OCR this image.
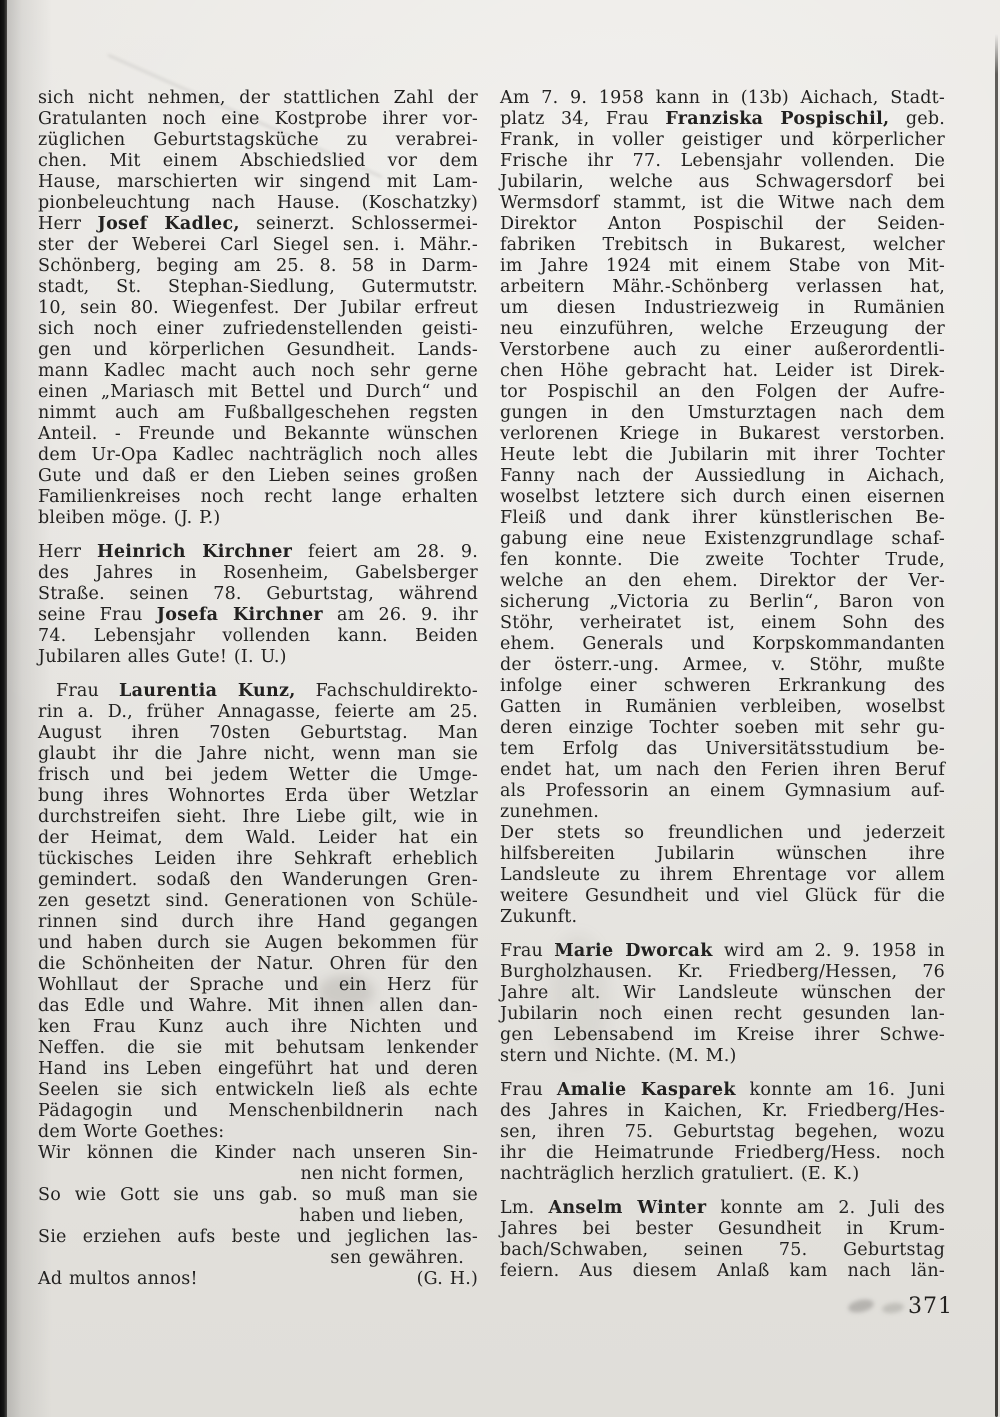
sich nicht nehmen, der stattlichen Zahl der
Gratulanten noch eine Kostprobe ihrer vor-
züglichen Geburtstagsküche zu verabrei-
chen. Mit einem Abschiedslied vor dem
Hause, marschierten wir singend mit Lam-
pionbeleuchtung nach Hause. (Koschatzky)
Herr Josef Kadlec, seinerzt. Schlossermei-
ster der Weberei Carl Siegel sen. i. Mähr.-
Schönberg, beging am 25. 8. 58 in Darm-
stadt, St. Stephan-Siedlung, Gutermutstr.
10, sein 80. Wiegenfest. Der Jubilar erfreut
sich noch einer zufriedenstellenden geisti-
gen und körperlichen Gesundheit. Lands-
mann Kadlec macht auch noch sehr gerne
einen „Mariasch mit Bettel und Durch“ und
nimmt auch am Fußballgeschehen regsten
Anteil. - Freunde und Bekannte wünschen
dem Ur-Opa Kadlec nachträglich noch alles
Gute und daß er den Lieben seines großen
Familienkreises noch recht lange erhalten
bleiben möge. (J. P.)
Herr Heinrich Kirchner feiert am 28. 9.
des Jahres in Rosenheim, Gabelsberger
Straße. seinen 78. Geburtstag, während
seine Frau Josefa Kirchner am 26. 9. ihr
74. Lebensjahr vollenden kann. Beiden
Jubilaren alles Gute! (I. U.)
Frau Laurentia Kunz, Fachschuldirekto-
rin a. D., früher Annagasse, feierte am 25.
August ihren 70sten Geburtstag. Man
glaubt ihr die Jahre nicht, wenn man sie
frisch und bei jedem Wetter die Umge-
bung ihres Wohnortes Erda über Wetzlar
durchstreifen sieht. Ihre Liebe gilt, wie in
der Heimat, dem Wald. Leider hat ein
tückisches Leiden ihre Sehkraft erheblich
gemindert. sodaß den Wanderungen Gren-
zen gesetzt sind. Generationen von Schüle-
rinnen sind durch ihre Hand gegangen
und haben durch sie Augen bekommen für
die Schönheiten der Natur. Ohren für den
Wohllaut der Sprache und ein Herz für
das Edle und Wahre. Mit ihnen allen dan-
ken Frau Kunz auch ihre Nichten und
Neffen. die sie mit behutsam lenkender
Hand ins Leben eingeführt hat und deren
Seelen sie sich entwickeln ließ als echte
Pädagogin und Menschenbildnerin nach
dem Worte Goethes:
Wir können die Kinder nach unseren Sin-
nen nicht formen,
So wie Gott sie uns gab. so muß man sie
haben und lieben,
Sie erziehen aufs beste und jeglichen las-
sen gewähren.
Ad multos annos!	(G. H.)
Am 7. 9. 1958 kann in (13b) Aichach, Stadt-
platz 34, Frau Franziska Pospischil, geb.
Frank, in voller geistiger und körperlicher
Frische ihr 77. Lebensjahr vollenden. Die
Jubilarin, welche aus Schwagersdorf bei
Wermsdorf stammt, ist die Witwe nach dem
Direktor Anton Pospischil der Seiden-
fabriken Trebitsch in Bukarest, welcher
im Jahre 1924 mit einem Stabe von Mit-
arbeitern Mähr.-Schönberg verlassen hat,
um diesen Industriezweig in Rumänien
neu einzuführen, welche Erzeugung der
Verstorbene auch zu einer außerordentli-
chen Höhe gebracht hat. Leider ist Direk-
tor Pospischil an den Folgen der Aufre-
gungen in den Umsturztagen nach dem
verlorenen Kriege in Bukarest verstorben.
Heute lebt die Jubilarin mit ihrer Tochter
Fanny nach der Aussiedlung in Aichach,
woselbst letztere sich durch einen eisernen
Fleiß und dank ihrer künstlerischen Be-
gabung eine neue Existenzgrundlage schaf-
fen konnte. Die zweite Tochter Trude,
welche an den ehem. Direktor der Ver-
sicherung „Victoria zu Berlin“, Baron von
Stöhr, verheiratet ist, einem Sohn des
ehem. Generals und Korpskommandanten
der österr.-ung. Armee, v. Stöhr, mußte
infolge einer schweren Erkrankung des
Gatten in Rumänien verbleiben, woselbst
deren einzige Tochter soeben mit sehr gu-
tem Erfolg das Universitätsstudium be-
endet hat, um nach den Ferien ihren Beruf
als Professorin an einem Gymnasium auf-
zunehmen.
Der stets so freundlichen und jederzeit
hilfsbereiten Jubilarin wünschen ihre
Landsleute zu ihrem Ehrentage vor allem
weitere Gesundheit und viel Glück für die
Zukunft.
Frau Marie Dworcak wird am 2. 9. 1958 in
Burgholzhausen. Kr. Friedberg/Hessen, 76
Jahre alt. Wir Landsleute wünschen der
Jubilarin noch einen recht gesunden lan-
gen Lebensabend im Kreise ihrer Schwe-
stern und Nichte. (M. M.)
Frau Amalie Kasparek konnte am 16. Juni
des Jahres in Kaichen, Kr. Friedberg/Hes-
sen, ihren 75. Geburtstag begehen, wozu
ihr die Heimatrunde Friedberg/Hess. noch
nachträglich herzlich gratuliert. (E. K.)
Lm. Anselm Winter konnte am 2. Juli des
Jahres bei bester Gesundheit in Krum-
bach/Schwaben, seinen 75. Geburtstag
feiern. Aus diesem Anlaß kam nach län-
371
